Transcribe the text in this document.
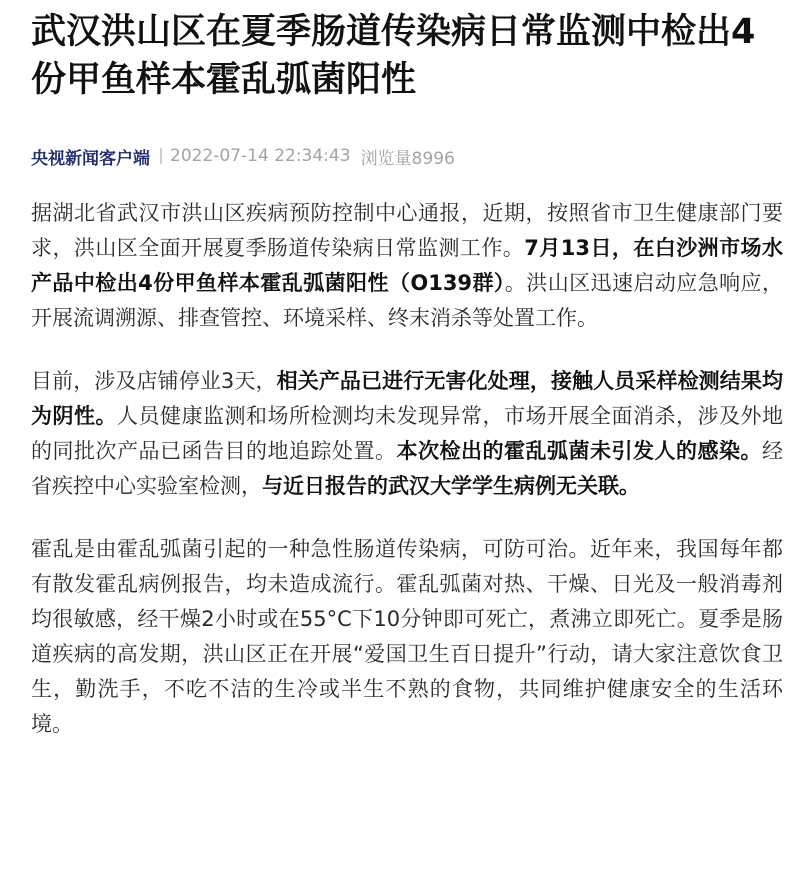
武汉洪山区在夏季肠道传染病日常监测中检出4份甲鱼样本霍乱弧菌阳性
央视新闻客户端 2022-07-14 22:34:43 浏览量8996

据湖北省武汉市洪山区疾病预防控制中心通报，近期，按照省市卫生健康部门要求，洪山区全面开展夏季肠道传染病日常监测工作。7月13日，在白沙洲市场水产品中检出4份甲鱼样本霍乱弧菌阳性（O139群）。洪山区迅速启动应急响应，开展流调溯源、排查管控、环境采样、终末消杀等处置工作。

目前，涉及店铺停业3天，相关产品已进行无害化处理，接触人员采样检测结果均为阴性。人员健康监测和场所检测均未发现异常，市场开展全面消杀，涉及外地的同批次产品已函告目的地追踪处置。本次检出的霍乱弧菌未引发人的感染。经省疾控中心实验室检测，与近日报告的武汉大学学生病例无关联。

霍乱是由霍乱弧菌引起的一种急性肠道传染病，可防可治。近年来，我国每年都有散发霍乱病例报告，均未造成流行。霍乱弧菌对热、干燥、日光及一般消毒剂均很敏感，经干燥2小时或在55°C下10分钟即可死亡，煮沸立即死亡。夏季是肠道疾病的高发期，洪山区正在开展“爱国卫生百日提升”行动，请大家注意饮食卫生，勤洗手，不吃不洁的生冷或半生不熟的食物，共同维护健康安全的生活环境。
